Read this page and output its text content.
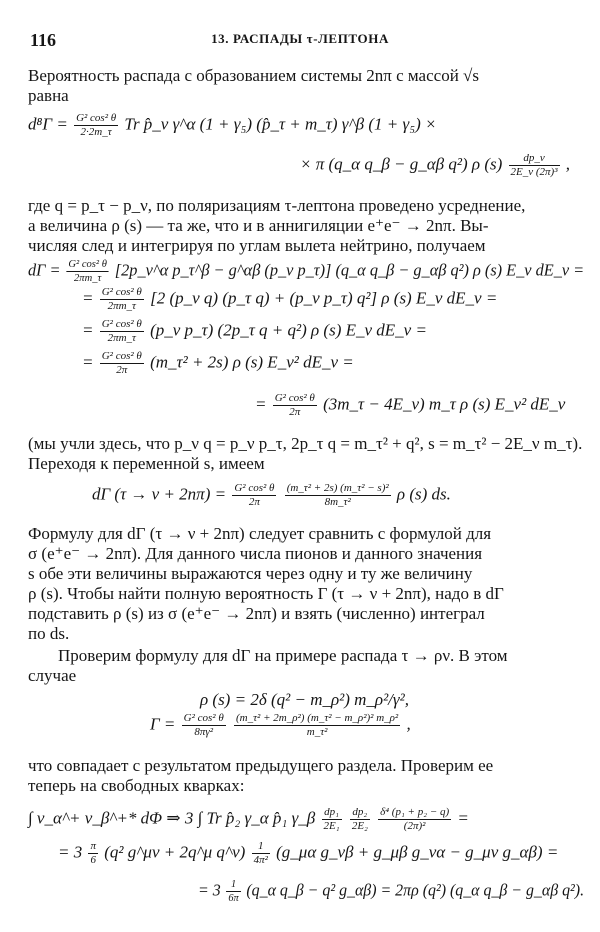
116	13. РАСПАДЫ τ-ЛЕПТОНА
Вероятность распада с образованием системы 2nπ с массой √s
равна
$d^8\Gamma = \frac{\text{G² cos² θ}}{2\cdot 2m\_\tau}$ Tr p̂_ν γ^α (1 + γ₅) (p̂_τ + m_τ) γ^β (1 + γ₅) ×
× π (q_α q_β − g_αβ q²) ρ $(s) \frac{dp\_\nu}{\text{2E\_ν (2π)³}}$ ,
где q = p_τ − p_ν, по поляризациям τ-лептона проведено усреднение,
а величина ρ (s) — та же, что и в аннигиляции e⁺e⁻ → 2nπ. Вы-
числяя след и интегрируя по углам вылета нейтрино, получаем
$d\Gamma = \frac{\text{G² cos² θ}}{2\pi m\_\tau}$ [2p_ν^α p_τ^β − g^αβ (p_ν p_τ)] (q_α q_β − g_αβ q²) ρ (s) E_ν dE_ν =
= $\frac{\text{G² cos² θ}}{2\pi m\_\tau} [2$ (p_ν q) (p_τ q) + (p_ν p_τ) q²] ρ (s) E_ν dE_ν =
= $\frac{\text{G² cos² θ}}{2\pi m\_\tau}$ (p_ν p_τ) (2p_τ q + q²) ρ (s) E_ν dE_ν =
= $\frac{\text{G² cos² θ}}{2\pi}$ (m_τ² + 2s) ρ (s) E_ν² dE_ν =
= $\frac{\text{G² cos² θ}}{2\pi}$ (3m_τ − 4E_ν) m_τ ρ (s) E_ν² dE_ν
(мы учли здесь, что p_ν q = p_ν p_τ, 2p_τ q = m_τ² + q², s = m_τ² − 2E_ν m_τ).
Переходя к переменной s, имеем
dΓ $(\tau \to \nu + 2n\pi) = \frac{\text{G² cos² θ}}{2\pi}$
$\frac{\text{(m\_τ² + 2s) (m\_τ² − s)²}}{\text{8m\_τ²}}$ ρ (s) ds.
Формулу для dΓ (τ → ν + 2nπ) следует сравнить с формулой для
σ (e⁺e⁻ → 2nπ). Для данного числа пионов и данного значения
s обе эти величины выражаются через одну и ту же величину
ρ (s). Чтобы найти полную вероятность Γ (τ → ν + 2nπ), надо в dΓ
подставить ρ (s) из σ (e⁺e⁻ → 2nπ) и взять (численно) интеграл
по ds.
Проверим формулу для dΓ на примере распада τ → ρν. В этом
случае
ρ (s) = 2δ (q² − m_ρ²) m_ρ²/γ²,
$\Gamma = \frac{\text{G² cos² θ}}{\text{8πγ²}}$
$\frac{\text{(m\_τ² + 2m\_ρ²) (m\_τ² − m\_ρ²)² m\_ρ²}}{\text{m\_τ²}}$ ,
что совпадает с результатом предыдущего раздела. Проверим ее
теперь на свободных кварках:
∫ v_α^+ v_β^+* dΦ ⇒ 3 ∫ Tr p̂₂ γ_α p̂₁ γ_β $\frac{\text{dp₁}}{\text{2E₁}}$
$\frac{\text{dp₂}}{\text{2E₂}}$
$\frac{\text{δ⁴ (p₁ + p₂ − q)}}{\text{(2π)²}}$ =
= $3 \frac{\pi}{6} (q^2$ g^μν + 2q^μ q^ν) $\frac{1}{\text{4π²}}$ (g_μα g_νβ + g_μβ g_να − g_μν g_αβ) =
= $3 \frac{1}{6\pi}$ (q_α q_β − q² g_αβ) = 2πρ (q²) (q_α q_β − g_αβ q²).
